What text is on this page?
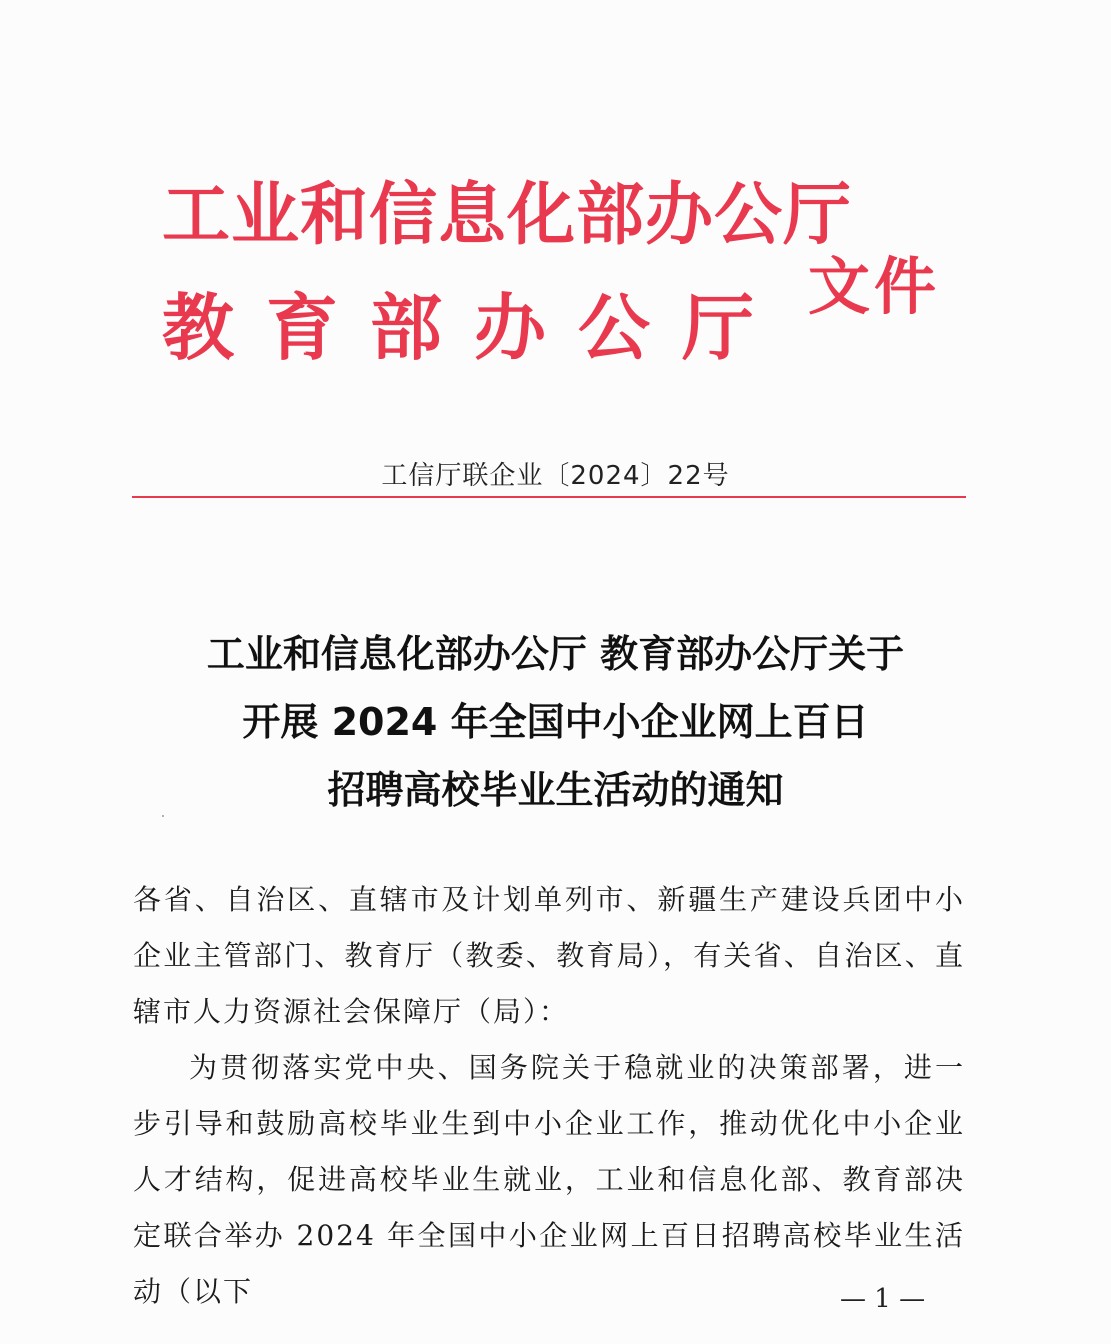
工业和信息化部办公厅
教育部办公厅 文件
工信厅联企业〔2024〕22号
工业和信息化部办公厅 教育部办公厅关于
开展 2024 年全国中小企业网上百日
招聘高校毕业生活动的通知

各省、自治区、直辖市及计划单列市、新疆生产建设兵团中小企业主管部门、教育厅（教委、教育局），有关省、自治区、直辖市人力资源社会保障厅（局）：

为贯彻落实党中央、国务院关于稳就业的决策部署，进一步引导和鼓励高校毕业生到中小企业工作，推动优化中小企业人才结构，促进高校毕业生就业，工业和信息化部、教育部决定联合举办 2024 年全国中小企业网上百日招聘高校毕业生活动（以下	— 1 —
